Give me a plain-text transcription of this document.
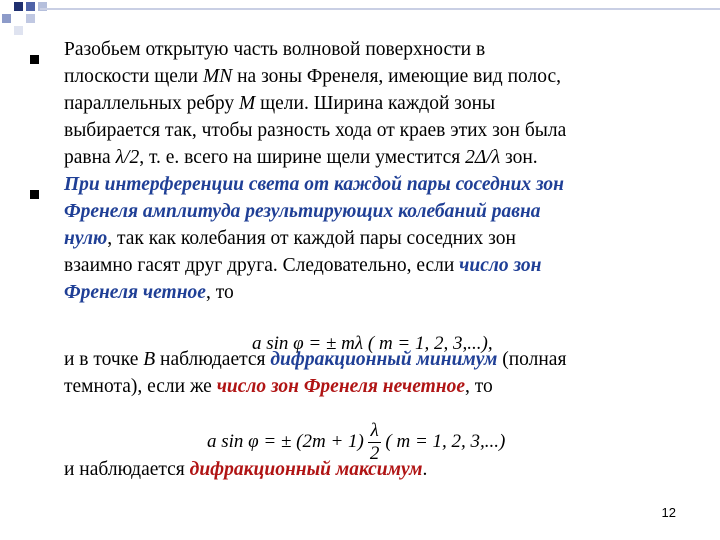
Разобьем открытую часть волновой поверхности в
плоскости щели MN на зоны Френеля, имеющие вид полос,
параллельных ребру M щели. Ширина каждой зоны
выбирается так, чтобы разность хода от краев этих зон была
равна λ/2, т. е. всего на ширине щели уместится 2Δ/λ зон.
При интерференции света от каждой пары соседних зон
Френеля амплитуда результирующих колебаний равна
нулю, так как колебания от каждой пары соседних зон
взаимно гасят друг друга. Следовательно, если число зон
Френеля четное, то
и в точке B наблюдается дифракционный минимум (полная
темнота), если же число зон Френеля нечетное, то
и наблюдается дифракционный максимум.
a sin φ = ± mλ ( m = 1, 2, 3,...),
a sin φ = ± $(2m + 1) \frac{\lambda}{2}$ ( m = 1, 2, 3,...)
12
